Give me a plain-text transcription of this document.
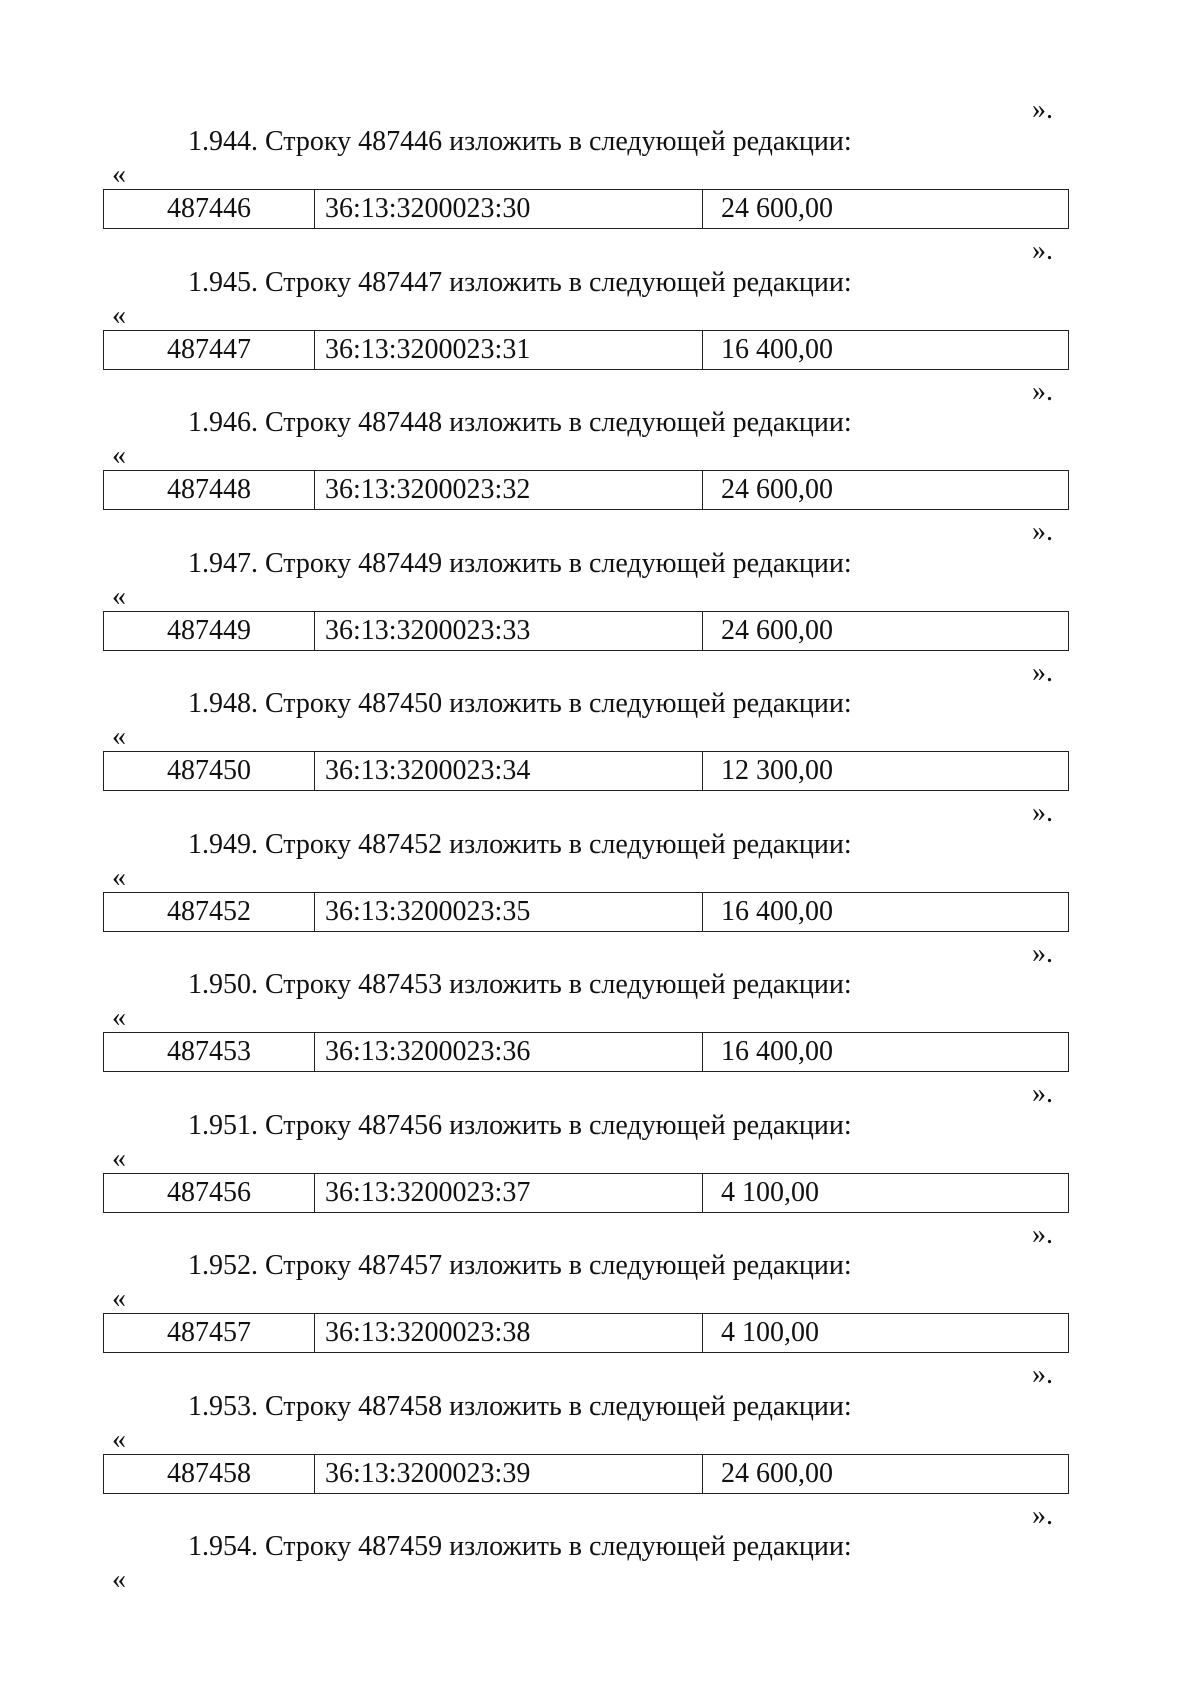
».
1.944. Строку 487446 изложить в следующей редакции:
«
487446	36:13:3200023:30	24 600,00
».
1.945. Строку 487447 изложить в следующей редакции:
«
487447	36:13:3200023:31	16 400,00
».
1.946. Строку 487448 изложить в следующей редакции:
«
487448	36:13:3200023:32	24 600,00
».
1.947. Строку 487449 изложить в следующей редакции:
«
487449	36:13:3200023:33	24 600,00
».
1.948. Строку 487450 изложить в следующей редакции:
«
487450	36:13:3200023:34	12 300,00
».
1.949. Строку 487452 изложить в следующей редакции:
«
487452	36:13:3200023:35	16 400,00
».
1.950. Строку 487453 изложить в следующей редакции:
«
487453	36:13:3200023:36	16 400,00
».
1.951. Строку 487456 изложить в следующей редакции:
«
487456	36:13:3200023:37	4 100,00
».
1.952. Строку 487457 изложить в следующей редакции:
«
487457	36:13:3200023:38	4 100,00
».
1.953. Строку 487458 изложить в следующей редакции:
«
487458	36:13:3200023:39	24 600,00
».
1.954. Строку 487459 изложить в следующей редакции:
«
